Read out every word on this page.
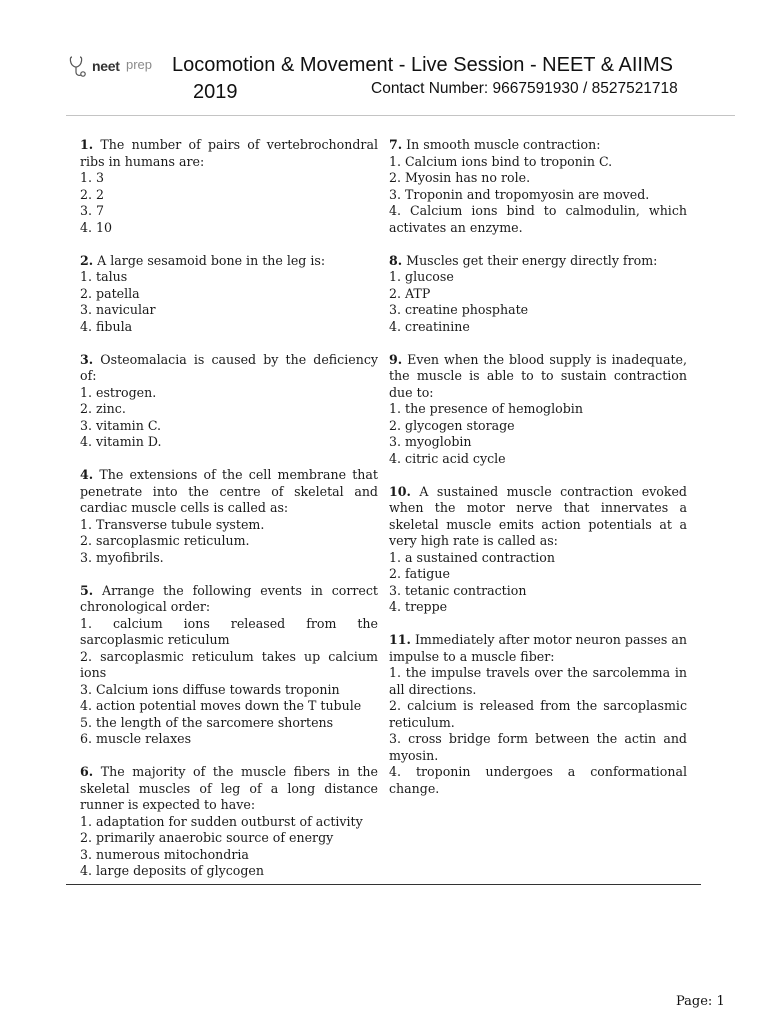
neet prep Locomotion & Movement - Live Session - NEET & AIIMS
2019	Contact Number: 9667591930 / 8527521718

1. The number of pairs of vertebrochondral ribs in humans are:

1. 3

2. 2

3. 7

4. 10

2. A large sesamoid bone in the leg is:

1. talus

2. patella

3. navicular

4. fibula

3. Osteomalacia is caused by the deficiency of:

1. estrogen.

2. zinc.

3. vitamin C.

4. vitamin D.

4. The extensions of the cell membrane that penetrate into the centre of skeletal and cardiac muscle cells is called as:

1. Transverse tubule system.

2. sarcoplasmic reticulum.

3. myofibrils.

5. Arrange the following events in correct chronological order:

1. calcium ions released from the sarcoplasmic reticulum

2. sarcoplasmic reticulum takes up calcium ions

3. Calcium ions diffuse towards troponin

4. action potential moves down the T tubule

5. the length of the sarcomere shortens

6. muscle relaxes

6. The majority of the muscle fibers in the skeletal muscles of leg of a long distance runner is expected to have:

1. adaptation for sudden outburst of activity

2. primarily anaerobic source of energy

3. numerous mitochondria

4. large deposits of glycogen

7. In smooth muscle contraction:

1. Calcium ions bind to troponin C.

2. Myosin has no role.

3. Troponin and tropomyosin are moved.

4. Calcium ions bind to calmodulin, which activates an enzyme.

8. Muscles get their energy directly from:

1. glucose

2. ATP

3. creatine phosphate

4. creatinine

9. Even when the blood supply is inadequate, the muscle is able to to sustain contraction due to:

1. the presence of hemoglobin

2. glycogen storage

3. myoglobin

4. citric acid cycle

10. A sustained muscle contraction evoked when the motor nerve that innervates a skeletal muscle emits action potentials at a very high rate is called as:

1. a sustained contraction

2. fatigue

3. tetanic contraction

4. treppe

11. Immediately after motor neuron passes an impulse to a muscle fiber:

1. the impulse travels over the sarcolemma in all directions.

2. calcium is released from the sarcoplasmic reticulum.

3. cross bridge form between the actin and myosin.

4. troponin undergoes a conformational change.

Page: 1
